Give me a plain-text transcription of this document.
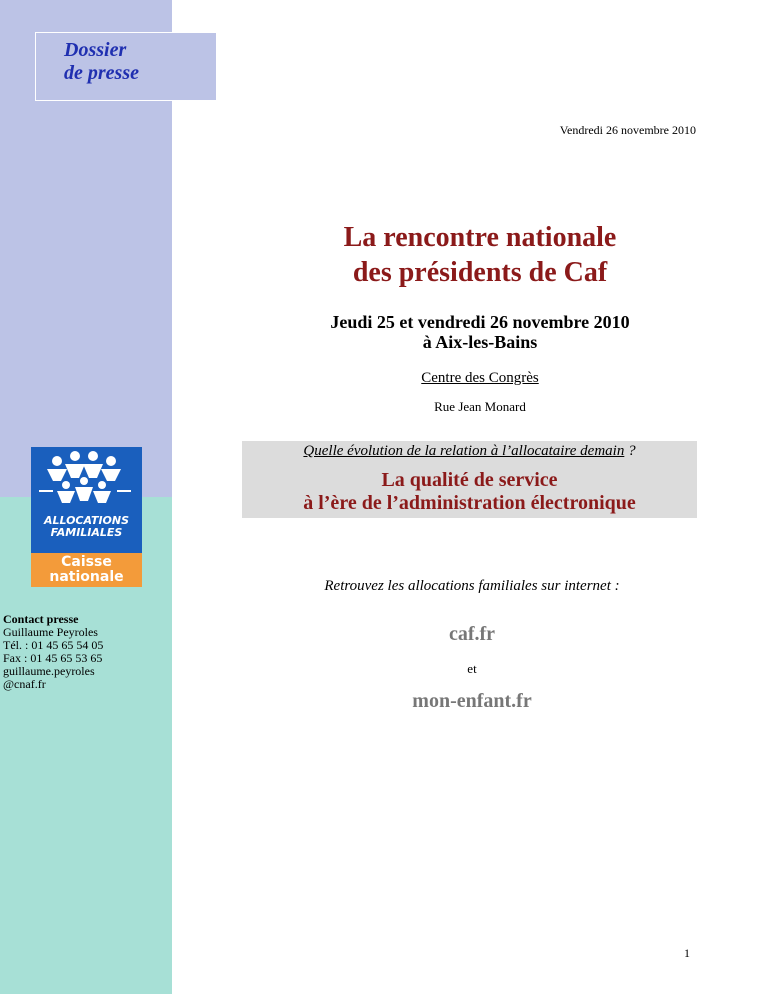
Dossier
de presse
Vendredi 26 novembre 2010
La rencontre nationale
des présidents de Caf
Jeudi 25 et vendredi 26 novembre 2010
à Aix-les-Bains
Centre des Congrès
Rue Jean Monard
Quelle évolution de la relation à l’allocataire demain ?
La qualité de service
à l’ère de l’administration électronique
ALLOCATIONS
FAMILIALES
Caisse
nationale
Contact presse
Guillaume Peyroles
Tél. : 01 45 65 54 05
Fax : 01 45 65 53 65
guillaume.peyroles
@cnaf.fr
Retrouvez les allocations familiales sur internet :
caf.fr
et
mon-enfant.fr
1
